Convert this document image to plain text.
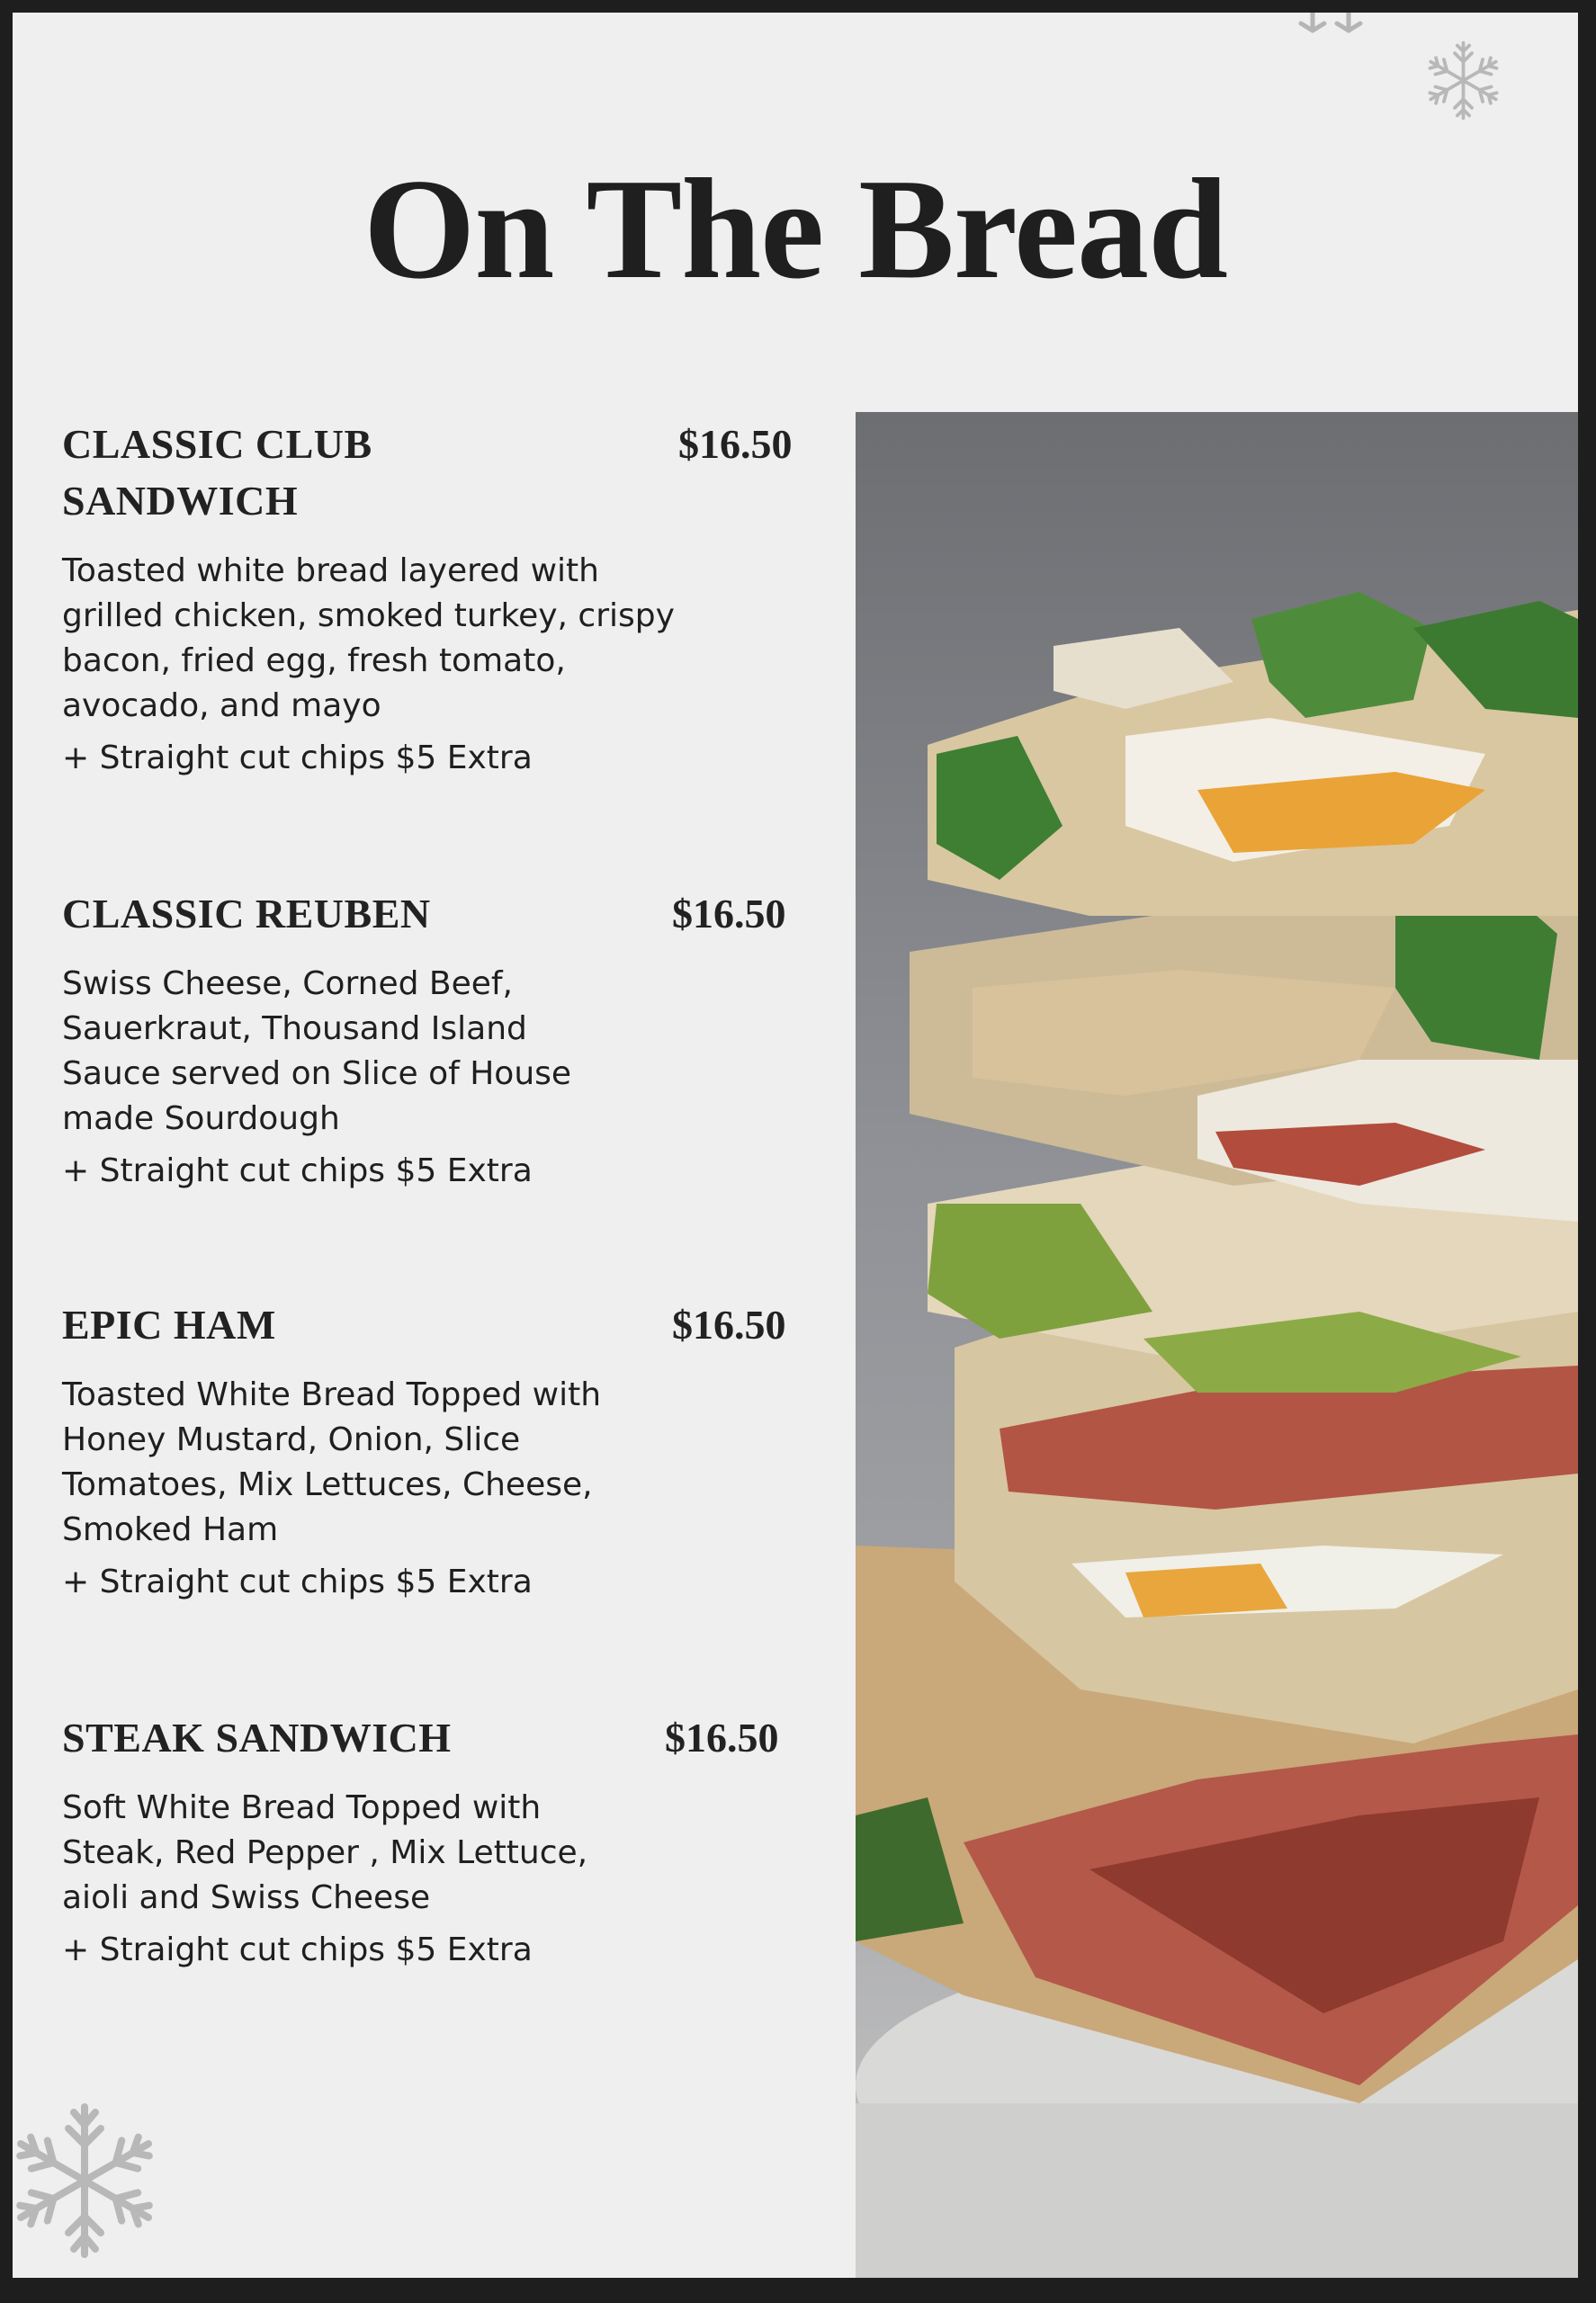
On The Bread
CLASSIC CLUB SANDWICH
$16.50
Toasted white bread layered with grilled chicken, smoked turkey, crispy bacon, fried egg, fresh tomato, avocado, and mayo
+ Straight cut chips $5 Extra
CLASSIC REUBEN	$16.50
Swiss Cheese, Corned Beef, Sauerkraut, Thousand Island Sauce served on Slice of House made Sourdough
+ Straight cut chips $5 Extra
EPIC HAM	$16.50
Toasted White Bread Topped with Honey Mustard, Onion, Slice Tomatoes, Mix Lettuces, Cheese, Smoked Ham
+ Straight cut chips $5 Extra
STEAK SANDWICH	$16.50
Soft White Bread Topped with Steak, Red Pepper , Mix Lettuce, aioli and Swiss Cheese
+ Straight cut chips $5 Extra
